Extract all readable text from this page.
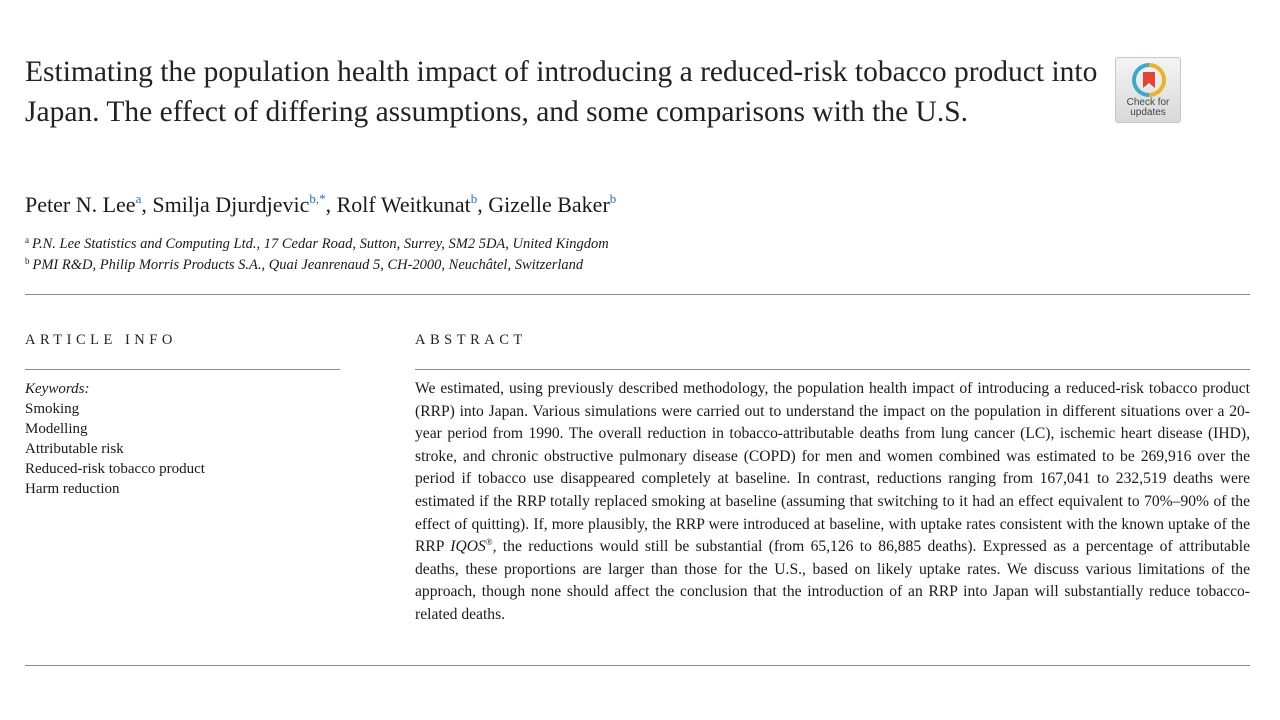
Estimating the population health impact of introducing a reduced-risk tobacco product into Japan. The effect of differing assumptions, and some comparisons with the U.S.	Check for
updates
Peter N. Lee$^a$, Smilja Djurdjevic$^{b,*}$, Rolf Weitkunat$^b$, Gizelle Baker$^b$
$^a$ P.N. Lee Statistics and Computing Ltd., 17 Cedar Road, Sutton, Surrey, SM2 5DA, United Kingdom
$^b$ PMI R&D, Philip Morris Products S.A., Quai Jeanrenaud 5, CH-2000, Neuchâtel, Switzerland
ARTICLE INFO	ABSTRACT
Keywords:
Smoking
Modelling
Attributable risk
Reduced-risk tobacco product
Harm reduction

We estimated, using previously described methodology, the population health impact of introducing a reduced-risk tobacco product (RRP) into Japan. Various simulations were carried out to understand the impact on the population in different situations over a 20-year period from 1990. The overall reduction in tobacco-attributable deaths from lung cancer (LC), ischemic heart disease (IHD), stroke, and chronic obstructive pulmonary disease (COPD) for men and women combined was estimated to be 269,916 over the period if tobacco use disappeared completely at baseline. In contrast, reductions ranging from 167,041 to 232,519 deaths were estimated if the RRP totally replaced smoking at baseline (assuming that switching to it had an effect equivalent to 70%–90% of the effect of quitting). If, more plausibly, the RRP were introduced at baseline, with uptake rates consistent with the known uptake of the RRP IQOS®, the reductions would still be substantial (from 65,126 to 86,885 deaths). Expressed as a percentage of attributable deaths, these proportions are larger than those for the U.S., based on likely uptake rates. We discuss various limitations of the approach, though none should affect the conclusion that the introduction of an RRP into Japan will substantially reduce tobacco-related deaths.
